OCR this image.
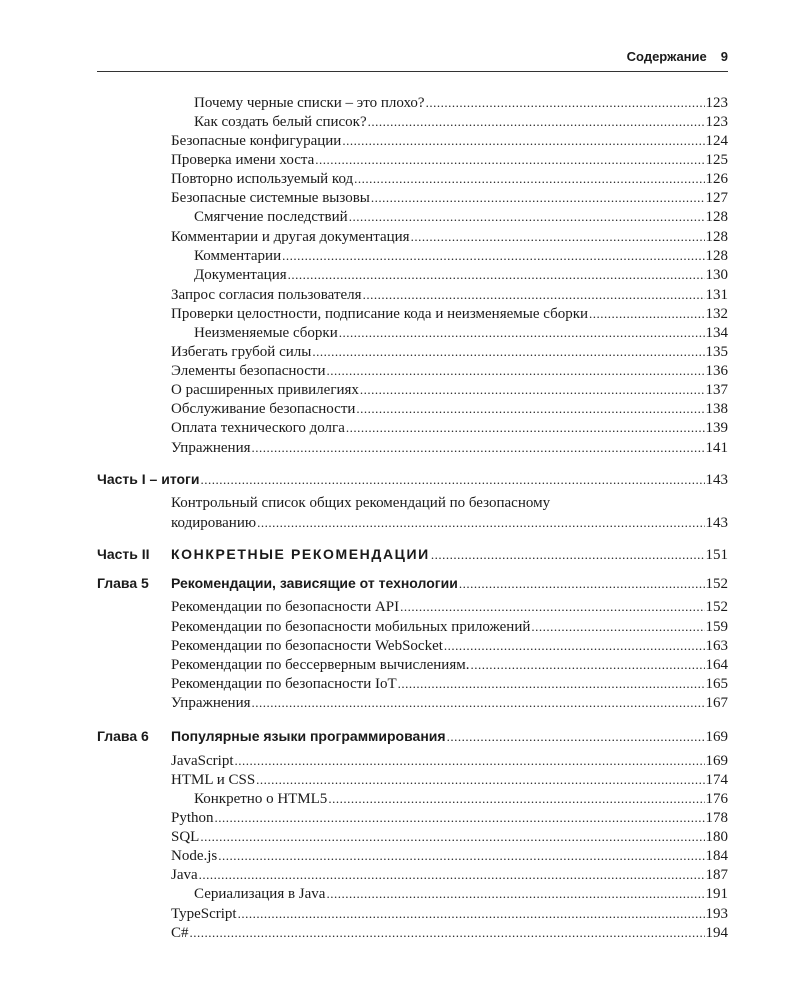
Содержание 9
Почему черные списки – это плохо? .....	123
Как создать белый список? .....	123
Безопасные конфигурации .....	124
Проверка имени хоста .....	125
Повторно используемый код .....	126
Безопасные системные вызовы .....	127
Смягчение последствий .....	128
Комментарии и другая документация .....	128
Комментарии .....	128
Документация .....	130
Запрос согласия пользователя .....	131
Проверки целостности, подписание кода и неизменяемые сборки .....	132
Неизменяемые сборки .....	134
Избегать грубой силы .....	135
Элементы безопасности .....	136
О расширенных привилегиях .....	137
Обслуживание безопасности .....	138
Оплата технического долга .....	139
Упражнения .....	141
Часть I – итоги .....	143
Контрольный список общих рекомендаций по безопасному
кодированию .....	143
Часть II	КОНКРЕТНЫЕ РЕКОМЕНДАЦИИ .....	151
Глава 5	Рекомендации, зависящие от технологии .....	152
Рекомендации по безопасности API .....	152
Рекомендации по безопасности мобильных приложений .....	159
Рекомендации по безопасности WebSocket .....	163
Рекомендации по бессерверным вычислениям. .....	164
Рекомендации по безопасности IoT .....	165
Упражнения .....	167
Глава 6	Популярные языки программирования .....	169
JavaScript .....	169
HTML и CSS .....	174
Конкретно о HTML5 .....	176
Python .....	178
SQL .....	180
Node.js .....	184
Java .....	187
Сериализация в Java .....	191
TypeScript .....	193
C# .....	194
